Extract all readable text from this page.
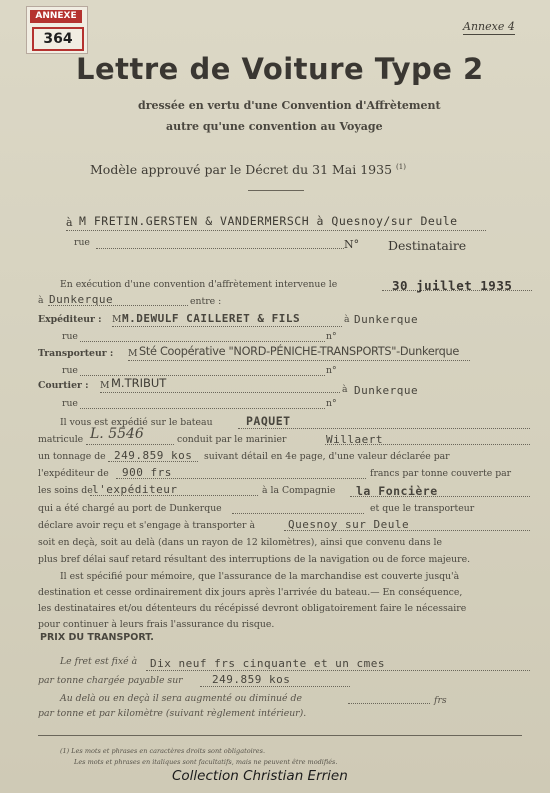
ANNEXE
364
Annexe 4
Lettre de Voiture Type 2
dressée en vertu d'une Convention d'Affrètement
autre qu'une convention au Voyage
Modèle approuvé par le Décret du 31 Mai 1935 $^{(1)}$
à M FRETIN.GERSTEN & VANDERMERSCH à Quesnoy/sur Deule
rue	N° Destinataire
En exécution d'une convention d'affrètement intervenue le	30 juillet 1935
à Dunkerque	entre :
Expéditeur : M M.DEWULF CAILLERET & FILS	à Dunkerque
rue	n°
Transporteur : M Sté Coopérative "NORD-PÉNICHE-TRANSPORTS"-Dunkerque
rue	n°
Courtier : M M.TRIBUT	à Dunkerque
rue	n°
Il vous est expédié sur le bateau	PAQUET
matricule L. 5546	conduit par le marinier	Willaert
un tonnage de 249.859 kos suivant détail en 4e page, d'une valeur déclarée par
l'expéditeur de 900 frs	francs par tonne couverte par
les soins de l'expéditeur	à la Compagnie la Foncière
qui a été chargé au port de Dunkerque	et que le transporteur
déclare avoir reçu et s'engage à transporter à	Quesnoy sur Deule
soit en deçà, soit au delà (dans un rayon de 12 kilomètres), ainsi que convenu dans le
plus bref délai sauf retard résultant des interruptions de la navigation ou de force majeure.
Il est spécifié pour mémoire, que l'assurance de la marchandise est couverte jusqu'à
destination et cesse ordinairement dix jours après l'arrivée du bateau.— En conséquence,
les destinataires et/ou détenteurs du récépissé devront obligatoirement faire le nécessaire
pour continuer à leurs frais l'assurance du risque.
PRIX DU TRANSPORT.
Le fret est fixé à Dix neuf frs cinquante et un cmes
par tonne chargée payable sur	249.859 kos
Au delà ou en deçà il sera augmenté ou diminué de	frs
par tonne et par kilomètre (suivant règlement intérieur).
(1) Les mots et phrases en caractères droits sont obligatoires.
Les mots et phrases en italiques sont facultatifs, mais ne peuvent être modifiés.
Collection Christian Errien
